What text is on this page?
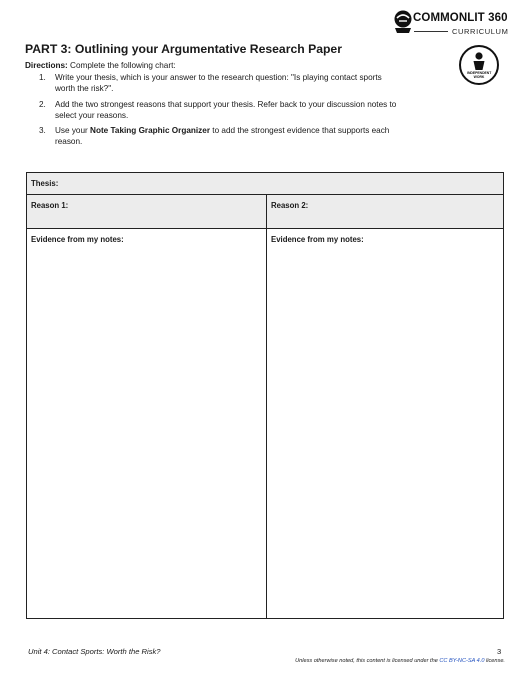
COMMONLIT 360
CURRICULUM
INDEPENDENT WORK
PART 3: Outlining your Argumentative Research Paper
Directions: Complete the following chart:
1. Write your thesis, which is your answer to the research question: "Is playing contact sports
worth the risk?".
2. Add the two strongest reasons that support your thesis. Refer back to your discussion notes to
select your reasons.
3. Use your Note Taking Graphic Organizer to add the strongest evidence that supports each
reason.
Thesis:
Reason 1:	Reason 2:
Evidence from my notes:	Evidence from my notes:
Unit 4: Contact Sports: Worth the Risk?	3
Unless otherwise noted, this content is licensed under the CC BY-NC-SA 4.0 license.
